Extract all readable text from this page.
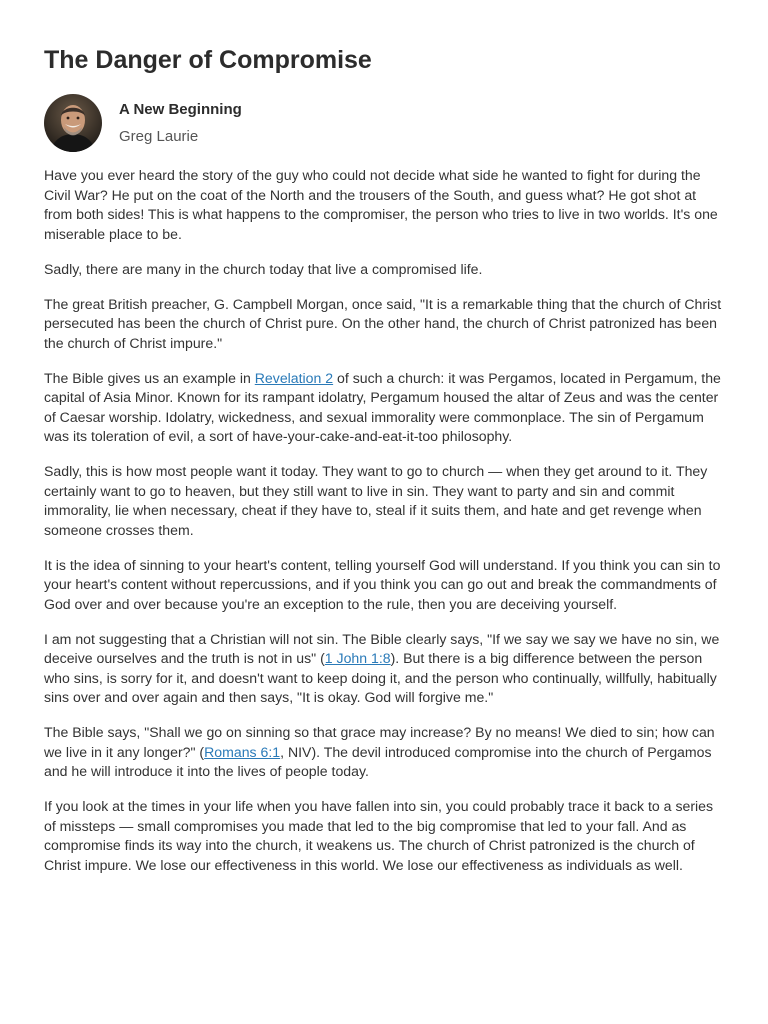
The Danger of Compromise
A New Beginning
Greg Laurie

Have you ever heard the story of the guy who could not decide what side he wanted to fight for during the Civil War? He put on the coat of the North and the trousers of the South, and guess what? He got shot at from both sides! This is what happens to the compromiser, the person who tries to live in two worlds. It's one miserable place to be.

Sadly, there are many in the church today that live a compromised life.

The great British preacher, G. Campbell Morgan, once said, "It is a remarkable thing that the church of Christ persecuted has been the church of Christ pure. On the other hand, the church of Christ patronized has been the church of Christ impure."

The Bible gives us an example in Revelation 2 of such a church: it was Pergamos, located in Pergamum, the capital of Asia Minor. Known for its rampant idolatry, Pergamum housed the altar of Zeus and was the center of Caesar worship. Idolatry, wickedness, and sexual immorality were commonplace. The sin of Pergamum was its toleration of evil, a sort of have-your-cake-and-eat-it-too philosophy.

Sadly, this is how most people want it today. They want to go to church — when they get around to it. They certainly want to go to heaven, but they still want to live in sin. They want to party and sin and commit immorality, lie when necessary, cheat if they have to, steal if it suits them, and hate and get revenge when someone crosses them.

It is the idea of sinning to your heart's content, telling yourself God will understand. If you think you can sin to your heart's content without repercussions, and if you think you can go out and break the commandments of God over and over because you're an exception to the rule, then you are deceiving yourself.

I am not suggesting that a Christian will not sin. The Bible clearly says, "If we say we say we have no sin, we deceive ourselves and the truth is not in us" (1 John 1:8). But there is a big difference between the person who sins, is sorry for it, and doesn't want to keep doing it, and the person who continually, willfully, habitually sins over and over again and then says, "It is okay. God will forgive me."

The Bible says, "Shall we go on sinning so that grace may increase? By no means! We died to sin; how can we live in it any longer?" (Romans 6:1, NIV). The devil introduced compromise into the church of Pergamos and he will introduce it into the lives of people today.

If you look at the times in your life when you have fallen into sin, you could probably trace it back to a series of missteps — small compromises you made that led to the big compromise that led to your fall. And as compromise finds its way into the church, it weakens us. The church of Christ patronized is the church of Christ impure. We lose our effectiveness in this world. We lose our effectiveness as individuals as well.
